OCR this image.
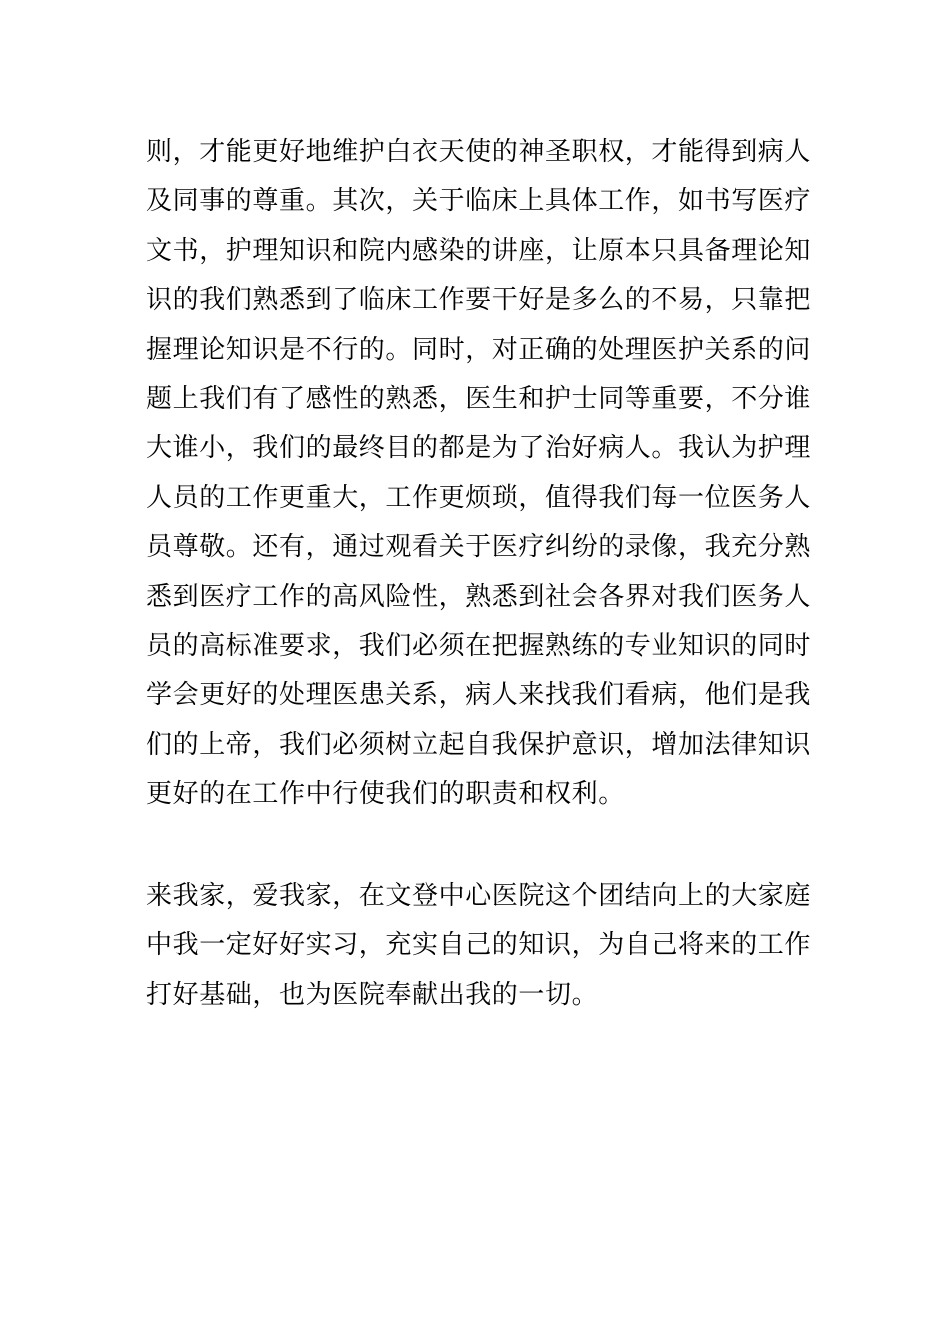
则，才能更好地维护白衣天使的神圣职权，才能得到病人
及同事的尊重。其次，关于临床上具体工作，如书写医疗
文书，护理知识和院内感染的讲座，让原本只具备理论知
识的我们熟悉到了临床工作要干好是多么的不易，只靠把
握理论知识是不行的。同时，对正确的处理医护关系的问
题上我们有了感性的熟悉，医生和护士同等重要，不分谁
大谁小，我们的最终目的都是为了治好病人。我认为护理
人员的工作更重大，工作更烦琐，值得我们每一位医务人
员尊敬。还有，通过观看关于医疗纠纷的录像，我充分熟
悉到医疗工作的高风险性，熟悉到社会各界对我们医务人
员的高标准要求，我们必须在把握熟练的专业知识的同时
学会更好的处理医患关系，病人来找我们看病，他们是我
们的上帝，我们必须树立起自我保护意识，增加法律知识
更好的在工作中行使我们的职责和权利。
来我家，爱我家，在文登中心医院这个团结向上的大家庭
中我一定好好实习，充实自己的知识，为自己将来的工作
打好基础，也为医院奉献出我的一切。
